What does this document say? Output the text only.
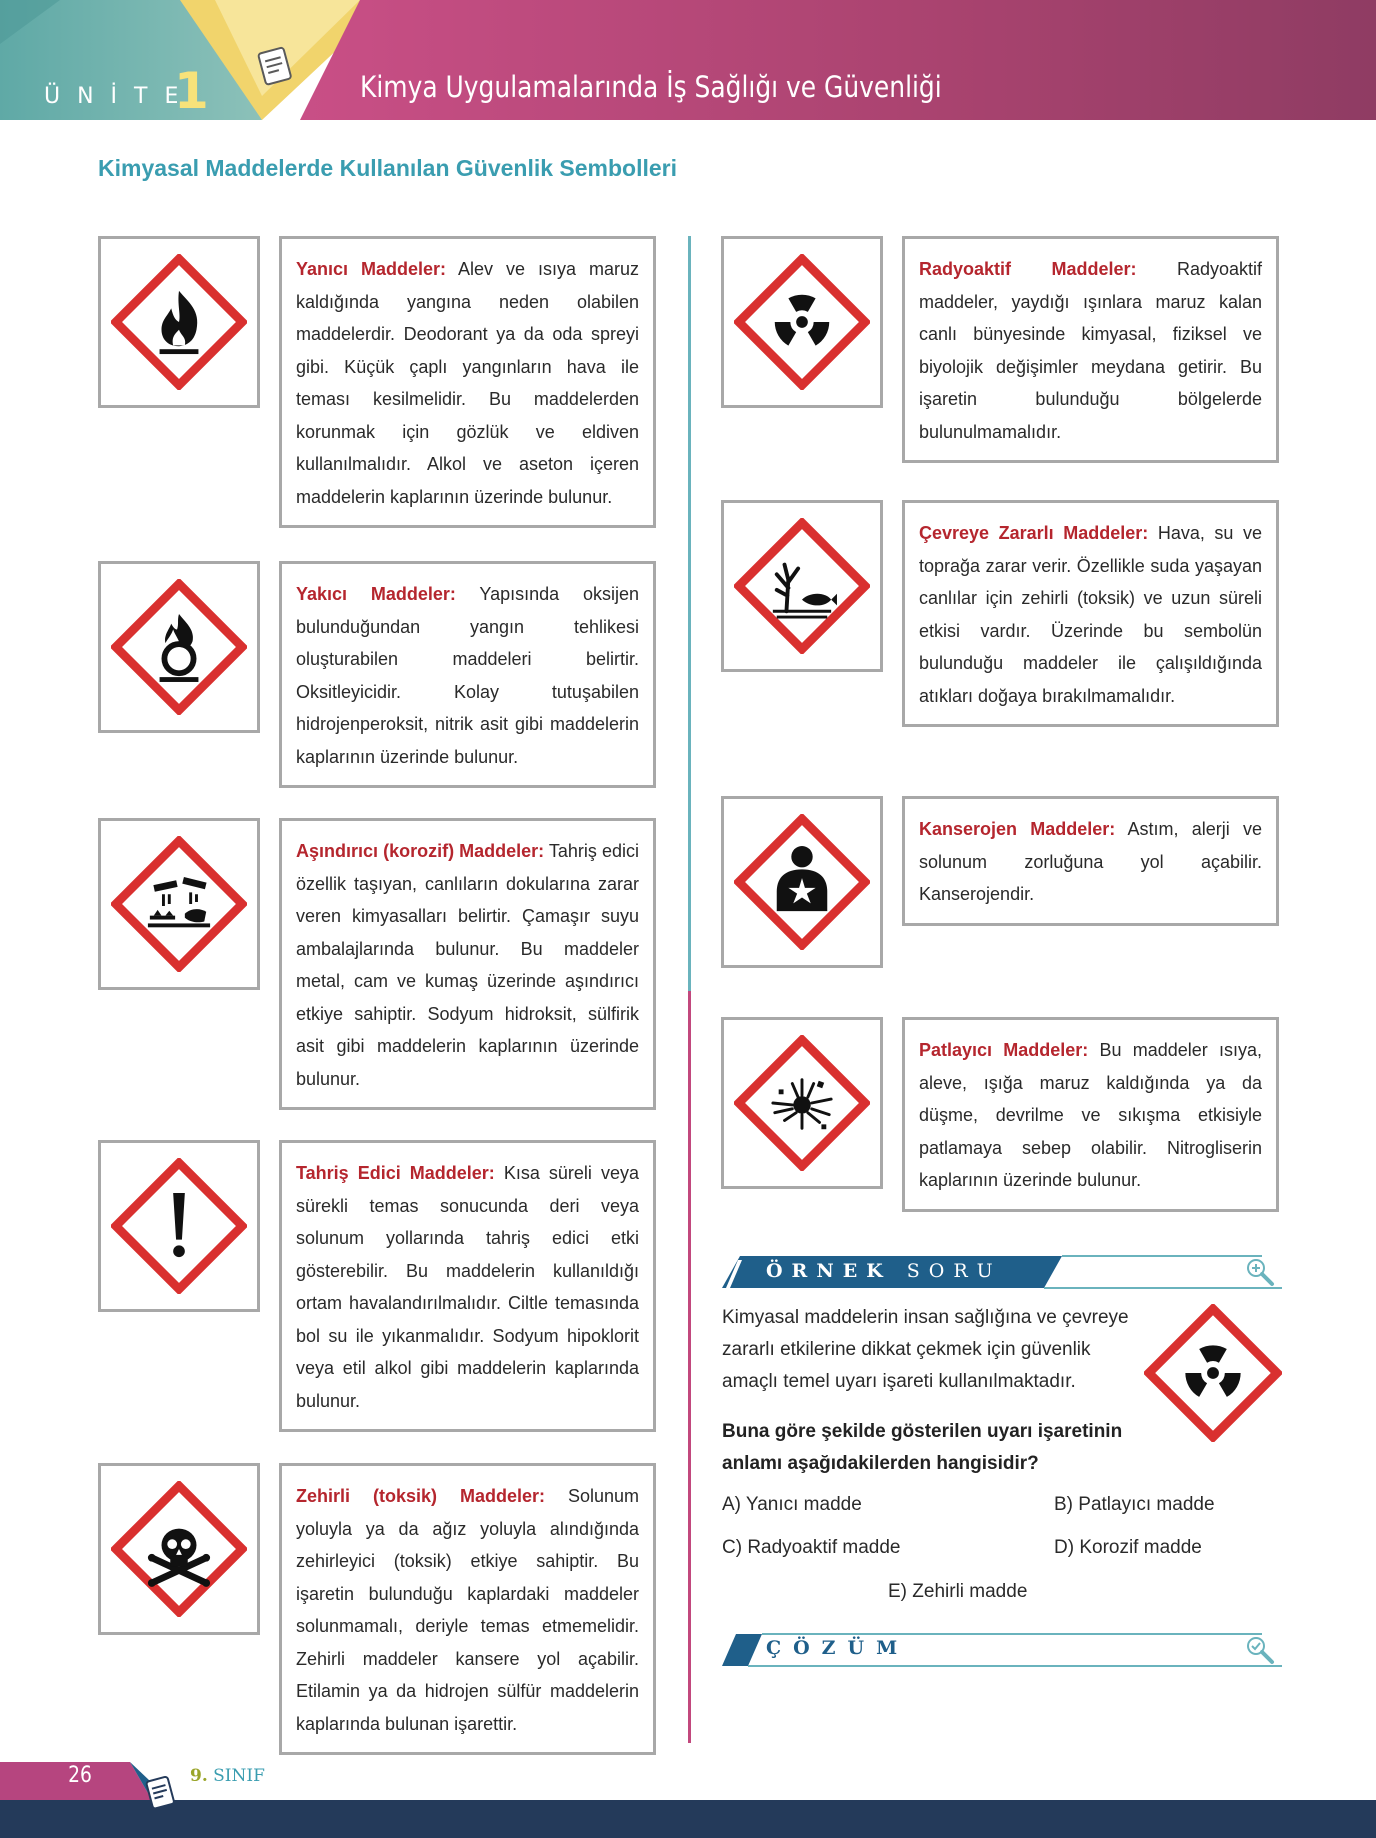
ÜNİTE
1	Kimya Uygulamalarında İş Sağlığı ve Güvenliği
Kimyasal Maddelerde Kullanılan Güvenlik Sembolleri
Yanıcı Maddeler: Alev ve ısıya maruz kaldığında yangına neden olabilen maddelerdir. Deodorant ya da oda spreyi gibi. Küçük çaplı yangınların hava ile teması kesilmelidir. Bu maddelerden korunmak için gözlük ve eldiven kullanılmalıdır. Alkol ve aseton içeren maddelerin kaplarının üzerinde bulunur.
Yakıcı Maddeler: Yapısında oksijen bulunduğundan yangın tehlikesi oluşturabilen maddeleri belirtir. Oksitleyicidir. Kolay tutuşabilen hidrojenperoksit, nitrik asit gibi maddelerin kaplarının üzerinde bulunur.
Aşındırıcı (korozif) Maddeler: Tahriş edici özellik taşıyan, canlıların dokularına zarar veren kimyasalları belirtir. Çamaşır suyu ambalajlarında bulunur. Bu maddeler metal, cam ve kumaş üzerinde aşındırıcı etkiye sahiptir. Sodyum hidroksit, sülfirik asit gibi maddelerin kaplarının üzerinde bulunur.
Tahriş Edici Maddeler: Kısa süreli veya sürekli temas sonucunda deri veya solunum yollarında tahriş edici etki gösterebilir. Bu maddelerin kullanıldığı ortam havalandırılmalıdır. Ciltle temasında bol su ile yıkanmalıdır. Sodyum hipoklorit veya etil alkol gibi maddelerin kaplarında bulunur.
Zehirli (toksik) Maddeler: Solunum yoluyla ya da ağız yoluyla alındığında zehirleyici (toksik) etkiye sahiptir. Bu işaretin bulunduğu kaplardaki maddeler solunmamalı, deriyle temas etmemelidir. Zehirli maddeler kansere yol açabilir. Etilamin ya da hidrojen sülfür maddelerin kaplarında bulunan işarettir.
Radyoaktif Maddeler: Radyoaktif maddeler, yaydığı ışınlara maruz kalan canlı bünyesinde kimyasal, fiziksel ve biyolojik değişimler meydana getirir. Bu işaretin bulunduğu bölgelerde bulunulmamalıdır.
Çevreye Zararlı Maddeler: Hava, su ve toprağa zarar verir. Özellikle suda yaşayan canlılar için zehirli (toksik) ve uzun süreli etkisi vardır. Üzerinde bu sembolün bulunduğu maddeler ile çalışıldığında atıkları doğaya bırakılmamalıdır.
Kanserojen Maddeler: Astım, alerji ve solunum zorluğuna yol açabilir. Kanserojendir.
Patlayıcı Maddeler: Bu maddeler ısıya, aleve, ışığa maruz kaldığında ya da düşme, devrilme ve sıkışma etkisiyle patlamaya sebep olabilir. Nitrogliserin kaplarının üzerinde bulunur.
ÖRNEK SORU
Kimyasal maddelerin insan sağlığına ve çevreye zararlı etkilerine dikkat çekmek için güvenlik amaçlı temel uyarı işareti kullanılmaktadır.
Buna göre şekilde gösterilen uyarı işaretinin anlamı aşağıdakilerden hangisidir?
A) Yanıcı madde	B) Patlayıcı madde
C) Radyoaktif madde	D) Korozif madde
E) Zehirli madde
ÇÖZÜM
26	9. SINIF
